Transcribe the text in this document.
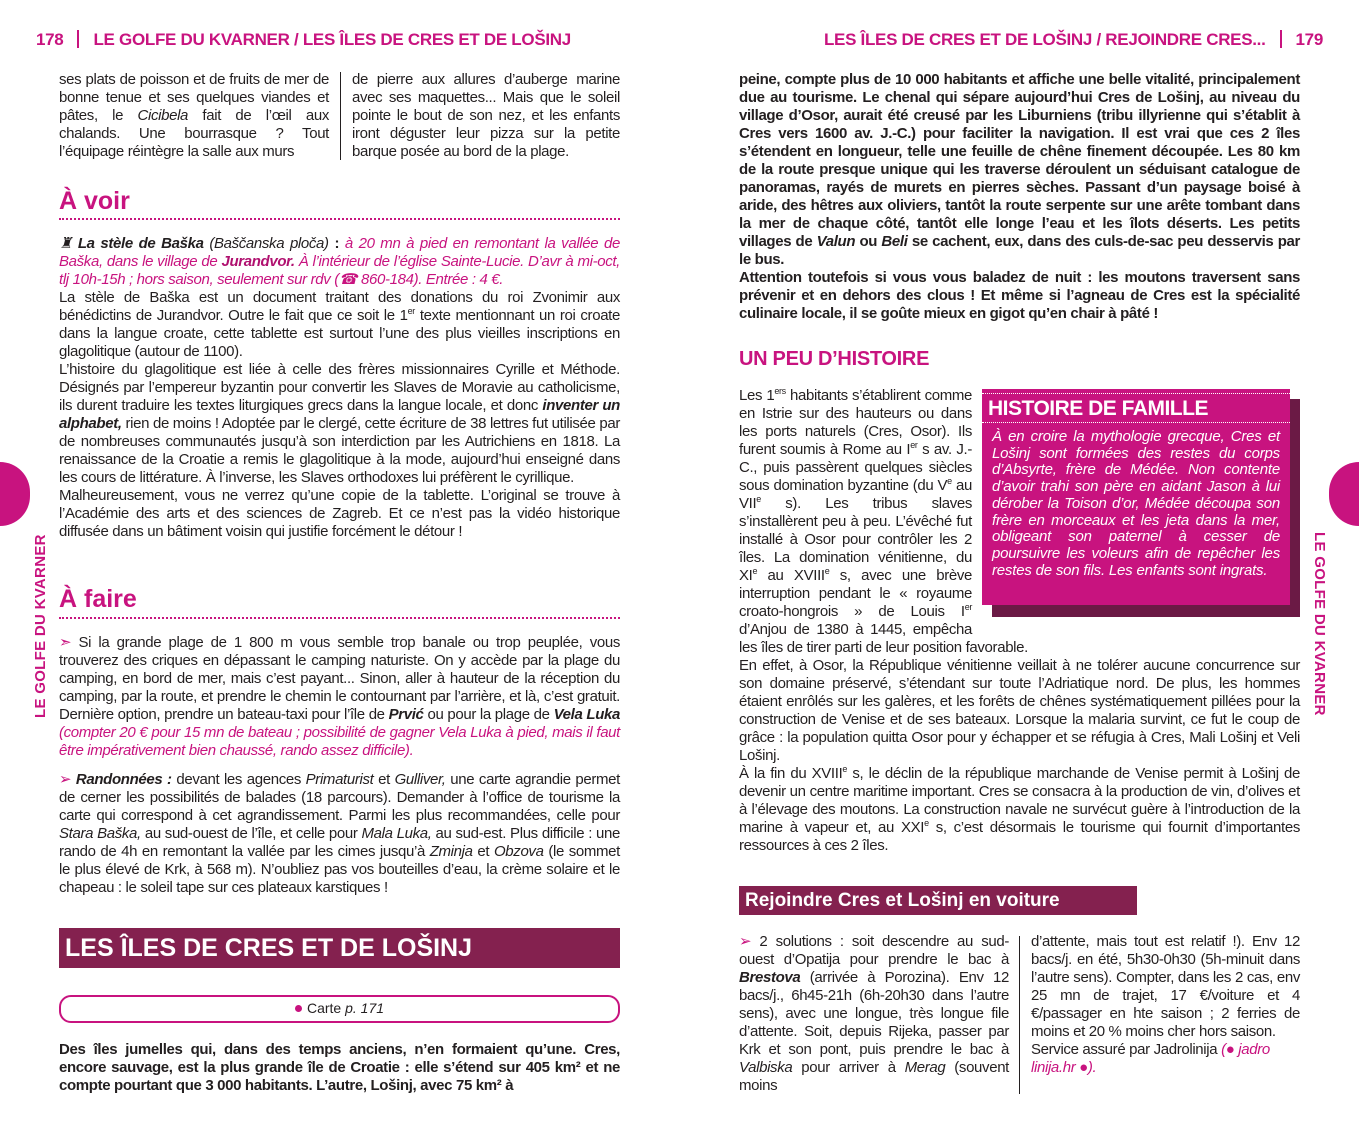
178 LE GOLFE DU KVARNER / LES ÎLES DE CRES ET DE LOŠINJ	LES ÎLES DE CRES ET DE LOŠINJ / REJOINDRE CRES... 179
LE GOLFE DU KVARNER	LE GOLFE DU KVARNER

ses plats de poisson et de fruits de mer de bonne tenue et ses quelques viandes et pâtes, le Cicibela fait de l’œil aux chalands. Une bourrasque ? Tout l’équipage réintègre la salle aux murs

de pierre aux allures d’auberge marine avec ses maquettes... Mais que le soleil pointe le bout de son nez, et les enfants iront déguster leur pizza sur la petite barque posée au bord de la plage.

À voir

♜ La stèle de Baška (Baščanska ploča) : à 20 mn à pied en remontant la vallée de Baška, dans le village de Jurandvor. À l’intérieur de l’église Sainte-Lucie. D’avr à mi-oct, tlj 10h-15h ; hors saison, seulement sur rdv (☎ 860-184). Entrée : 4 €.

La stèle de Baška est un document traitant des donations du roi Zvonimir aux bénédictins de Jurandvor. Outre le fait que ce soit le 1er texte mentionnant un roi croate dans la langue croate, cette tablette est surtout l’une des plus vieilles inscriptions en glagolitique (autour de 1100).

L’histoire du glagolitique est liée à celle des frères missionnaires Cyrille et Méthode. Désignés par l’empereur byzantin pour convertir les Slaves de Moravie au catholicisme, ils durent traduire les textes liturgiques grecs dans la langue locale, et donc inventer un alphabet, rien de moins ! Adoptée par le clergé, cette écriture de 38 lettres fut utilisée par de nombreuses communautés jusqu’à son interdiction par les Autrichiens en 1818. La renaissance de la Croatie a remis le glagolitique à la mode, aujourd’hui enseigné dans les cours de littérature. À l’inverse, les Slaves orthodoxes lui préfèrent le cyrillique.

Malheureusement, vous ne verrez qu’une copie de la tablette. L’original se trouve à l’Académie des arts et des sciences de Zagreb. Et ce n’est pas la vidéo historique diffusée dans un bâtiment voisin qui justifie forcément le détour !

À faire

➣ Si la grande plage de 1 800 m vous semble trop banale ou trop peuplée, vous trouverez des criques en dépassant le camping naturiste. On y accède par la plage du camping, en bord de mer, mais c’est payant... Sinon, aller à hauteur de la réception du camping, par la route, et prendre le chemin le contournant par l’arrière, et là, c’est gratuit. Dernière option, prendre un bateau-taxi pour l’île de Prvić ou pour la plage de Vela Luka (compter 20 € pour 15 mn de bateau ; possibilité de gagner Vela Luka à pied, mais il faut être impérativement bien chaussé, rando assez difficile).

➢ Randonnées : devant les agences Primaturist et Gulliver, une carte agrandie permet de cerner les possibilités de balades (18 parcours). Demander à l’office de tourisme la carte qui correspond à cet agrandissement. Parmi les plus recommandées, celle pour Stara Baška, au sud-ouest de l’île, et celle pour Mala Luka, au sud-est. Plus difficile : une rando de 4h en remontant la vallée par les cimes jusqu’à Zminja et Obzova (le sommet le plus élevé de Krk, à 568 m). N’oubliez pas vos bouteilles d’eau, la crème solaire et le chapeau : le soleil tape sur ces plateaux karstiques !

LES ÎLES DE CRES ET DE LOŠINJ
Carte p. 171

Des îles jumelles qui, dans des temps anciens, n’en formaient qu’une. Cres, encore sauvage, est la plus grande île de Croatie : elle s’étend sur 405 km² et ne compte pourtant que 3 000 habitants. L’autre, Lošinj, avec 75 km² à

peine, compte plus de 10 000 habitants et affiche une belle vitalité, principalement due au tourisme. Le chenal qui sépare aujourd’hui Cres de Lošinj, au niveau du village d’Osor, aurait été creusé par les Liburniens (tribu illyrienne qui s’établit à Cres vers 1600 av. J.-C.) pour faciliter la navigation. Il est vrai que ces 2 îles s’étendent en longueur, telle une feuille de chêne finement découpée. Les 80 km de la route presque unique qui les traverse déroulent un séduisant catalogue de panoramas, rayés de murets en pierres sèches. Passant d’un paysage boisé à aride, des hêtres aux oliviers, tantôt la route serpente sur une arête tombant dans la mer de chaque côté, tantôt elle longe l’eau et les îlots déserts. Les petits villages de Valun ou Beli se cachent, eux, dans des culs-de-sac peu desservis par le bus.

Attention toutefois si vous vous baladez de nuit : les moutons traversent sans prévenir et en dehors des clous ! Et même si l’agneau de Cres est la spécialité culinaire locale, il se goûte mieux en gigot qu’en chair à pâté !

UN PEU D’HISTOIRE
HISTOIRE DE FAMILLE
À en croire la mythologie grecque, Cres et Lošinj sont formées des restes du corps d’Absyrte, frère de Médée. Non contente d’avoir trahi son père en aidant Jason à lui dérober la Toison d’or, Médée découpa son frère en morceaux et les jeta dans la mer, obligeant son paternel à cesser de poursuivre les voleurs afin de repêcher les restes de son fils. Les enfants sont ingrats.

Les 1ers habitants s’établirent comme en Istrie sur des hauteurs ou dans les ports naturels (Cres, Osor). Ils furent soumis à Rome au Ier s av. J.-C., puis passèrent quelques siècles sous domination byzantine (du Ve au VIIe s). Les tribus slaves s’installèrent peu à peu. L’évêché fut installé à Osor pour contrôler les 2 îles. La domination vénitienne, du XIe au XVIIIe s, avec une brève interruption pendant le « royaume croato-hongrois » de Louis Ier d’Anjou de 1380 à 1445, empêcha les îles de tirer parti de leur position favorable.

En effet, à Osor, la République vénitienne veillait à ne tolérer aucune concurrence sur son domaine préservé, s’étendant sur toute l’Adriatique nord. De plus, les hommes étaient enrôlés sur les galères, et les forêts de chênes systématiquement pillées pour la construction de Venise et de ses bateaux. Lorsque la malaria survint, ce fut le coup de grâce : la population quitta Osor pour y échapper et se réfugia à Cres, Mali Lošinj et Veli Lošinj.

À la fin du XVIIIe s, le déclin de la république marchande de Venise permit à Lošinj de devenir un centre maritime important. Cres se consacra à la production de vin, d’olives et à l’élevage des moutons. La construction navale ne survécut guère à l’introduction de la marine à vapeur et, au XXIe s, c’est désormais le tourisme qui fournit d’importantes ressources à ces 2 îles.

Rejoindre Cres et Lošinj en voiture

➢ 2 solutions : soit descendre au sud-ouest d’Opatija pour prendre le bac à Brestova (arrivée à Porozina). Env 12 bacs/j., 6h45-21h (6h-20h30 dans l’autre sens), avec une longue, très longue file d’attente. Soit, depuis Rijeka, passer par Krk et son pont, puis prendre le bac à Valbiska pour arriver à Merag (souvent moins

d’attente, mais tout est relatif !). Env 12 bacs/j. en été, 5h30-0h30 (5h-minuit dans l’autre sens). Compter, dans les 2 cas, env 25 mn de trajet, 17 €/voiture et 4 €/passager en hte saison ; 2 ferries de moins et 20 % moins cher hors saison.

Service assuré par Jadrolinija (● jadro linija.hr ●).
